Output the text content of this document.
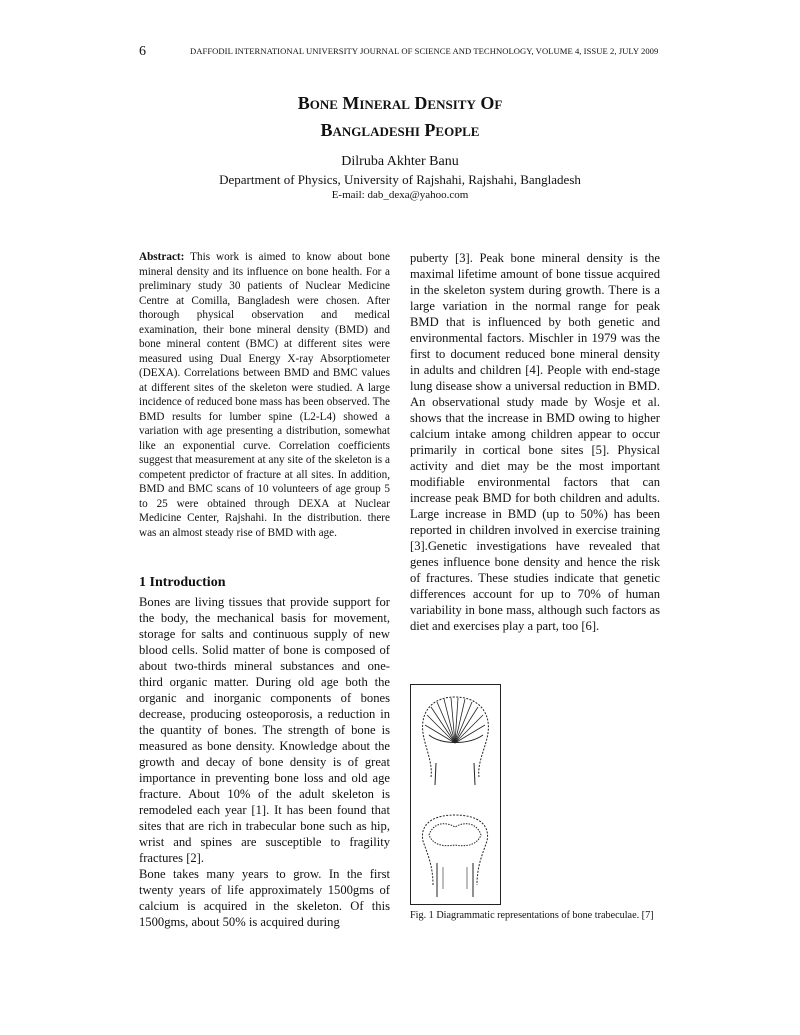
6	DAFFODIL INTERNATIONAL UNIVERSITY JOURNAL OF SCIENCE AND TECHNOLOGY, VOLUME 4, ISSUE 2, JULY 2009
Bone Mineral Density Of
Bangladeshi People
Dilruba Akhter Banu
Department of Physics, University of Rajshahi, Rajshahi, Bangladesh
E-mail: dab_dexa@yahoo.com
Abstract: This work is aimed to know about bone mineral density and its influence on bone health. For a preliminary study 30 patients of Nuclear Medicine Centre at Comilla, Bangladesh were chosen. After thorough physical observation and medical examination, their bone mineral density (BMD) and bone mineral content (BMC) at different sites were measured using Dual Energy X-ray Absorptiometer (DEXA). Correlations between BMD and BMC values at different sites of the skeleton were studied. A large incidence of reduced bone mass has been observed. The BMD results for lumber spine (L2-L4) showed a variation with age presenting a distribution, somewhat like an exponential curve. Correlation coefficients suggest that measurement at any site of the skeleton is a competent predictor of fracture at all sites. In addition, BMD and BMC scans of 10 volunteers of age group 5 to 25 were obtained through DEXA at Nuclear Medicine Center, Rajshahi. In the distribution. there was an almost steady rise of BMD with age.
1 Introduction

Bones are living tissues that provide support for the body, the mechanical basis for movement, storage for salts and continuous supply of new blood cells. Solid matter of bone is composed of about two-thirds mineral substances and one-third organic matter. During old age both the organic and inorganic components of bones decrease, producing osteoporosis, a reduction in the quantity of bones. The strength of bone is measured as bone density. Knowledge about the growth and decay of bone density is of great importance in preventing bone loss and old age fracture. About 10% of the adult skeleton is remodeled each year [1]. It has been found that sites that are rich in trabecular bone such as hip, wrist and spines are susceptible to fragility fractures [2].

Bone takes many years to grow. In the first twenty years of life approximately 1500gms of calcium is acquired in the skeleton. Of this 1500gms, about 50% is acquired during

puberty [3]. Peak bone mineral density is the maximal lifetime amount of bone tissue acquired in the skeleton system during growth. There is a large variation in the normal range for peak BMD that is influenced by both genetic and environmental factors. Mischler in 1979 was the first to document reduced bone mineral density in adults and children [4]. People with end-stage lung disease show a universal reduction in BMD. An observational study made by Wosje et al. shows that the increase in BMD owing to higher calcium intake among children appear to occur primarily in cortical bone sites [5]. Physical activity and diet may be the most important modifiable environmental factors that can increase peak BMD for both children and adults. Large increase in BMD (up to 50%) has been reported in children involved in exercise training [3].Genetic investigations have revealed that genes influence bone density and hence the risk of fractures. These studies indicate that genetic differences account for up to 70% of human variability in bone mass, although such factors as diet and exercises play a part, too [6].

Fig. 1 Diagrammatic representations of bone trabeculae. [7]
